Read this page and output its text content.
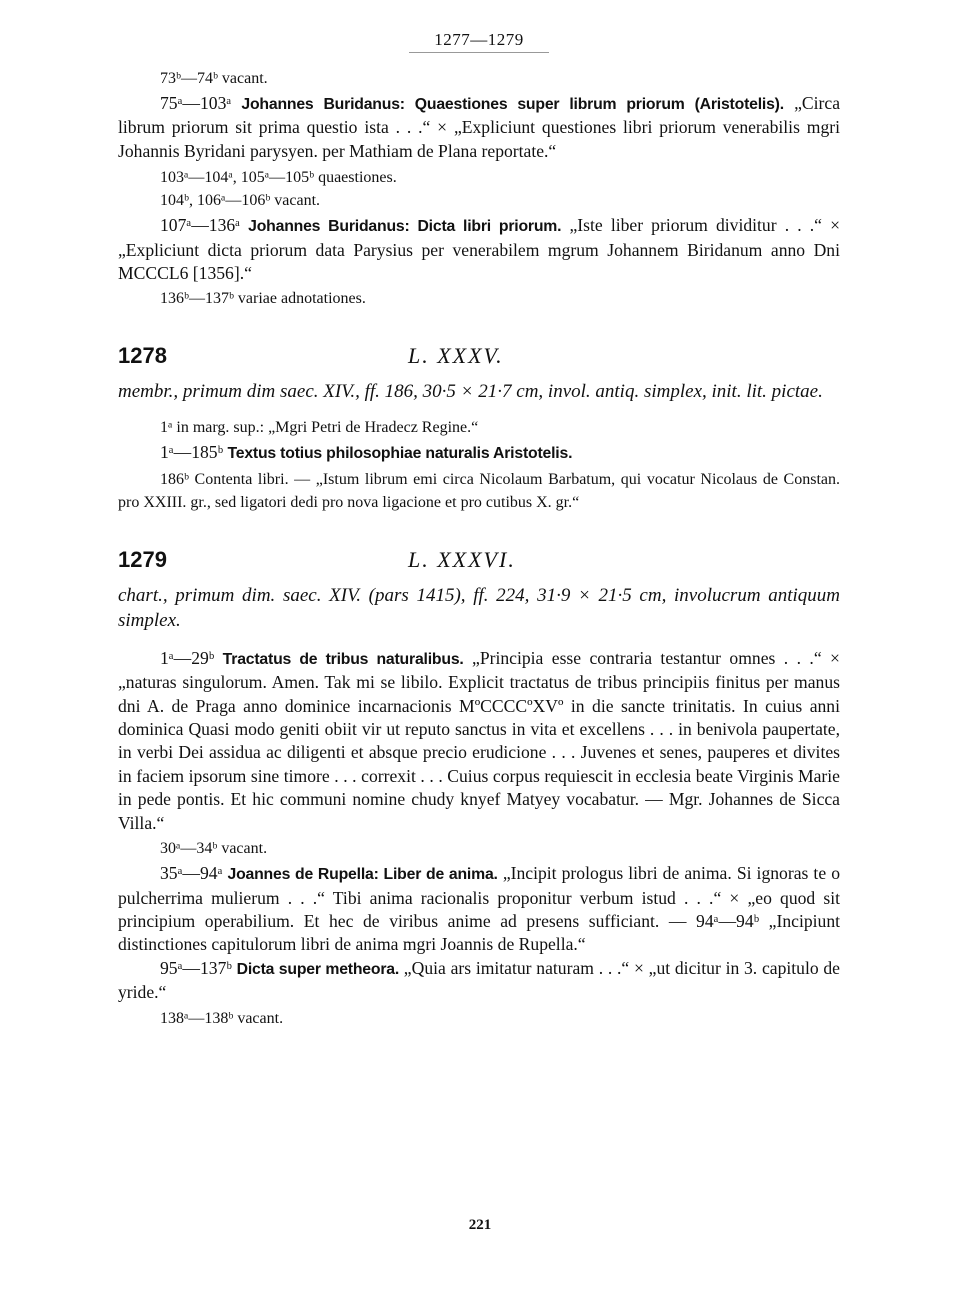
1277—1279

73ᵇ—74ᵇ vacant.

75ᵃ—103ᵃ Johannes Buridanus: Quaestiones super librum priorum (Aristotelis). „Circa librum priorum sit prima questio ista . . .“ × „Expliciunt questiones libri priorum venerabilis mgri Johannis Byridani parysyen. per Mathiam de Plana reportate.“

103ᵃ—104ᵃ, 105ᵃ—105ᵇ quaestiones.

104ᵇ, 106ᵃ—106ᵇ vacant.

107ᵃ—136ᵃ Johannes Buridanus: Dicta libri priorum. „Iste liber priorum dividitur . . .“ × „Expliciunt dicta priorum data Parysius per venerabilem mgrum Johannem Biridanum anno Dni MCCCL6 [1356].“

136ᵇ—137ᵇ variae adnotationes.

1278	L. XXXV.

membr., primum dim saec. XIV., ff. 186, 30·5 × 21·7 cm, invol. antiq. simplex, init. lit. pictae.

1ᵃ in marg. sup.: „Mgri Petri de Hradecz Regine.“

1ᵃ—185ᵇ Textus totius philosophiae naturalis Aristotelis.

186ᵇ Contenta libri. — „Istum librum emi circa Nicolaum Barbatum, qui vocatur Nicolaus de Constan. pro XXIII. gr., sed ligatori dedi pro nova ligacione et pro cutibus X. gr.“

1279	L. XXXVI.

chart., primum dim. saec. XIV. (pars 1415), ff. 224, 31·9 × 21·5 cm, involucrum antiquum simplex.

1ᵃ—29ᵇ Tractatus de tribus naturalibus. „Principia esse contraria testantur omnes . . .“ × „naturas singulorum. Amen. Tak mi se libilo. Explicit tractatus de tribus principiis finitus per manus dni A. de Praga anno dominice incarnacionis MºCCCCºXVº in die sancte trinitatis. In cuius anni dominica Quasi modo geniti obiit vir ut reputo sanctus in vita et excellens . . . in benivola paupertate, in verbi Dei assidua ac diligenti et absque precio erudicione . . . Juvenes et senes, pauperes et divites in faciem ipsorum sine timore . . . correxit . . . Cuius corpus requiescit in ecclesia beate Virginis Marie in pede pontis. Et hic communi nomine chudy knyef Matyey vocabatur. — Mgr. Johannes de Sicca Villa.“

30ᵃ—34ᵇ vacant.

35ᵃ—94ᵃ Joannes de Rupella: Liber de anima. „Incipit prologus libri de anima. Si ignoras te o pulcherrima mulierum . . .“ Tibi anima racionalis proponitur verbum istud . . .“ × „eo quod sit principium operabilium. Et hec de viribus anime ad presens sufficiant. — 94ᵃ—94ᵇ „Incipiunt distinctiones capitulorum libri de anima mgri Joannis de Rupella.“

95ᵃ—137ᵇ Dicta super metheora. „Quia ars imitatur naturam . . .“ × „ut dicitur in 3. capitulo de yride.“

138ᵃ—138ᵇ vacant.

221
